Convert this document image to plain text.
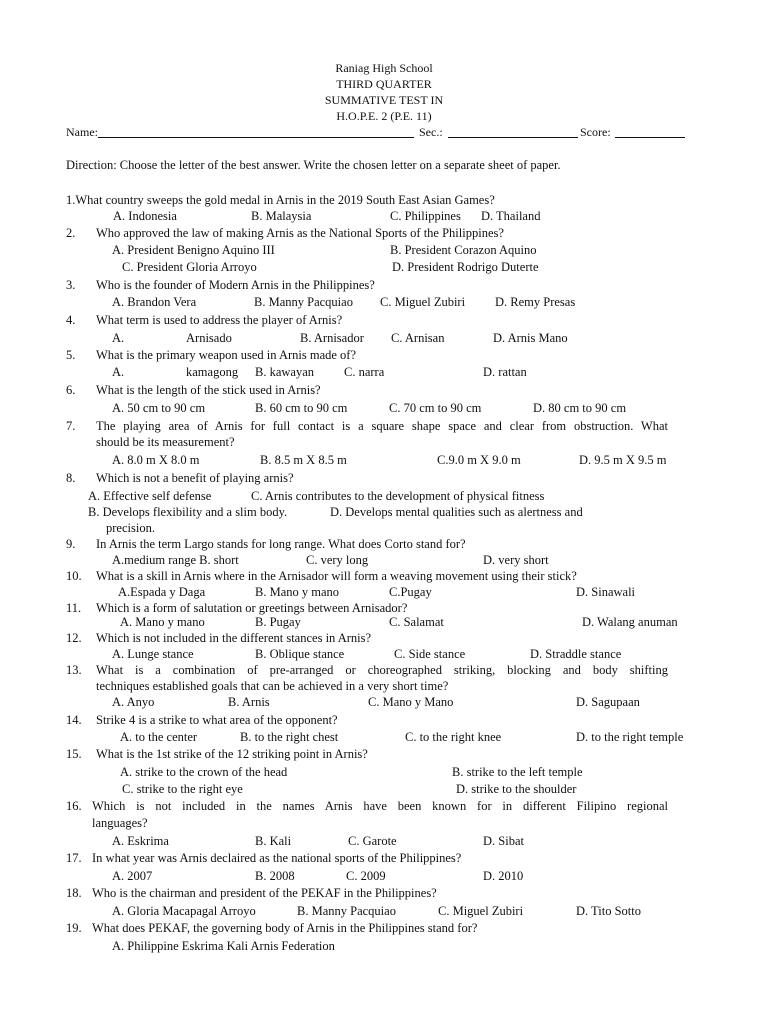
Raniag High School
THIRD QUARTER
SUMMATIVE TEST IN
H.O.P.E. 2 (P.E. 11)
Name:	Sec.:	Score:
Direction: Choose the letter of the best answer. Write the chosen letter on a separate sheet of paper.
1.What country sweeps the gold medal in Arnis in the 2019 South East Asian Games?
A. Indonesia	B. Malaysia	C. Philippines D. Thailand
2. Who approved the law of making Arnis as the National Sports of the Philippines?
A. President Benigno Aquino III	B. President Corazon Aquino
C. President Gloria Arroyo	D. President Rodrigo Duterte
3. Who is the founder of Modern Arnis in the Philippines?
A. Brandon Vera	B. Manny Pacquiao C. Miguel Zubiri D. Remy Presas
4. What term is used to address the player of Arnis?
A.	Arnisado	B. Arnisador C. Arnisan	D. Arnis Mano
5. What is the primary weapon used in Arnis made of?
A.	kamagong B. kawayan C. narra	D. rattan
6. What is the length of the stick used in Arnis?
A. 50 cm to 90 cm	B. 60 cm to 90 cm	C. 70 cm to 90 cm	D. 80 cm to 90 cm
7. The playing area of Arnis for full contact is a square shape space and clear from obstruction. What
should be its measurement?
A. 8.0 m X 8.0 m	B. 8.5 m X 8.5 m	C.9.0 m X 9.0 m	D. 9.5 m X 9.5 m
8. Which is not a benefit of playing arnis?
A. Effective self defense	C. Arnis contributes to the development of physical fitness
B. Develops flexibility and a slim body.	D. Develops mental qualities such as alertness and
precision.
9. In Arnis the term Largo stands for long range. What does Corto stand for?
A.medium range B. short	C. very long	D. very short
10. What is a skill in Arnis where in the Arnisador will form a weaving movement using their stick?
A.Espada y Daga	B. Mano y mano	C.Pugay	D. Sinawali
11. Which is a form of salutation or greetings between Arnisador?
A. Mano y mano	B. Pugay	C. Salamat	D. Walang anuman
12. Which is not included in the different stances in Arnis?
A. Lunge stance	B. Oblique stance	C. Side stance	D. Straddle stance
13. What is a combination of pre-arranged or choreographed striking, blocking and body shifting
techniques established goals that can be achieved in a very short time?
A. Anyo	B. Arnis	C. Mano y Mano	D. Sagupaan
14. Strike 4 is a strike to what area of the opponent?
A. to the center	B. to the right chest	C. to the right knee	D. to the right temple
15. What is the 1st strike of the 12 striking point in Arnis?
A. strike to the crown of the head	B. strike to the left temple
C. strike to the right eye	D. strike to the shoulder
16. Which is not included in the names Arnis have been known for in different Filipino regional
languages?
A. Eskrima	B. Kali	C. Garote	D. Sibat
17. In what year was Arnis declaired as the national sports of the Philippines?
A. 2007	B. 2008	C. 2009	D. 2010
18. Who is the chairman and president of the PEKAF in the Philippines?
A. Gloria Macapagal Arroyo	B. Manny Pacquiao	C. Miguel Zubiri	D. Tito Sotto
19. What does PEKAF, the governing body of Arnis in the Philippines stand for?
A. Philippine Eskrima Kali Arnis Federation
